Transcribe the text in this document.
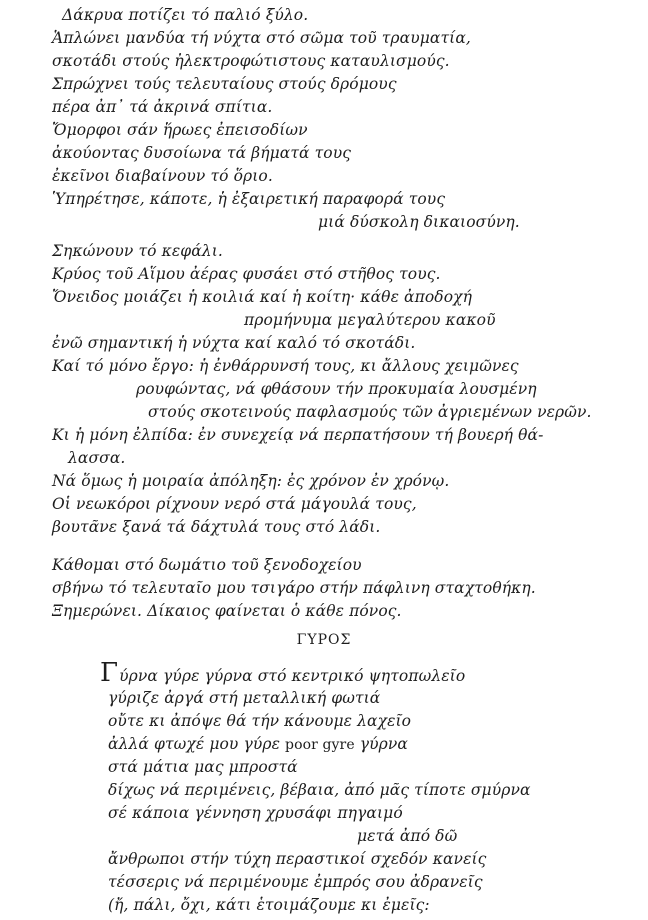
Δάκρυα ποτίζει τό παλιό ξύλο.
Ἁπλώνει μανδύα τή νύχτα στό σῶμα τοῦ τραυματία,
σκοτάδι στούς ἠλεκτροφώτιστους καταυλισμούς.
Σπρώχνει τούς τελευταίους στούς δρόμους
πέρα ἀπ᾽ τά ἀκρινά σπίτια.
Ὄμορφοι σάν ἥρωες ἐπεισοδίων
ἀκούοντας δυσοίωνα τά βήματά τους
ἐκεῖνοι διαβαίνουν τό ὅριο.
Ὑπηρέτησε, κάποτε, ἡ ἐξαιρετική παραφορά τους
μιά δύσκολη δικαιοσύνη.
Σηκώνουν τό κεφάλι.
Κρύος τοῦ Αἵμου ἀέρας φυσάει στό στῆθος τους.
Ὄνειδος μοιάζει ἡ κοιλιά καί ἡ κοίτη· κάθε ἀποδοχή
προμήνυμα μεγαλύτερου κακοῦ
ἐνῶ σημαντική ἡ νύχτα καί καλό τό σκοτάδι.
Καί τό μόνο ἔργο: ἡ ἐνθάρρυνσή τους, κι ἄλλους χειμῶνες
ρουφώντας, νά φθάσουν τήν προκυμαία λουσμένη
στούς σκοτεινούς παφλασμούς τῶν ἀγριεμένων νερῶν.
Κι ἡ μόνη ἐλπίδα: ἐν συνεχείᾳ νά περπατήσουν τή βουερή θά-
λασσα.
Νά ὅμως ἡ μοιραία ἀπόληξη: ἐς χρόνον ἐν χρόνῳ.
Οἱ νεωκόροι ρίχνουν νερό στά μάγουλά τους,
βουτᾶνε ξανά τά δάχτυλά τους στό λάδι.
Κάθομαι στό δωμάτιο τοῦ ξενοδοχείου
σβήνω τό τελευταῖο μου τσιγάρο στήν πάφλινη σταχτοθήκη.
Ξημερώνει. Δίκαιος φαίνεται ὁ κάθε πόνος.
ΓΥΡΟΣ
Γύρνα γύρε γύρνα στό κεντρικό ψητοπωλεῖο
γύριζε ἀργά στή μεταλλική φωτιά
οὔτε κι ἀπόψε θά τήν κάνουμε λαχεῖο
ἀλλά φτωχέ μου γύρε poor gyre γύρνα
στά μάτια μας μπροστά
δίχως νά περιμένεις, βέβαια, ἀπό μᾶς τίποτε σμύρνα
σέ κάποια γέννηση χρυσάφι πηγαιμό
μετά ἀπό δῶ
ἄνθρωποι στήν τύχη περαστικοί σχεδόν κανείς
τέσσερις νά περιμένουμε ἐμπρός σου ἀδρανεῖς
(ἤ, πάλι, ὄχι, κάτι ἑτοιμάζουμε κι ἐμεῖς:
